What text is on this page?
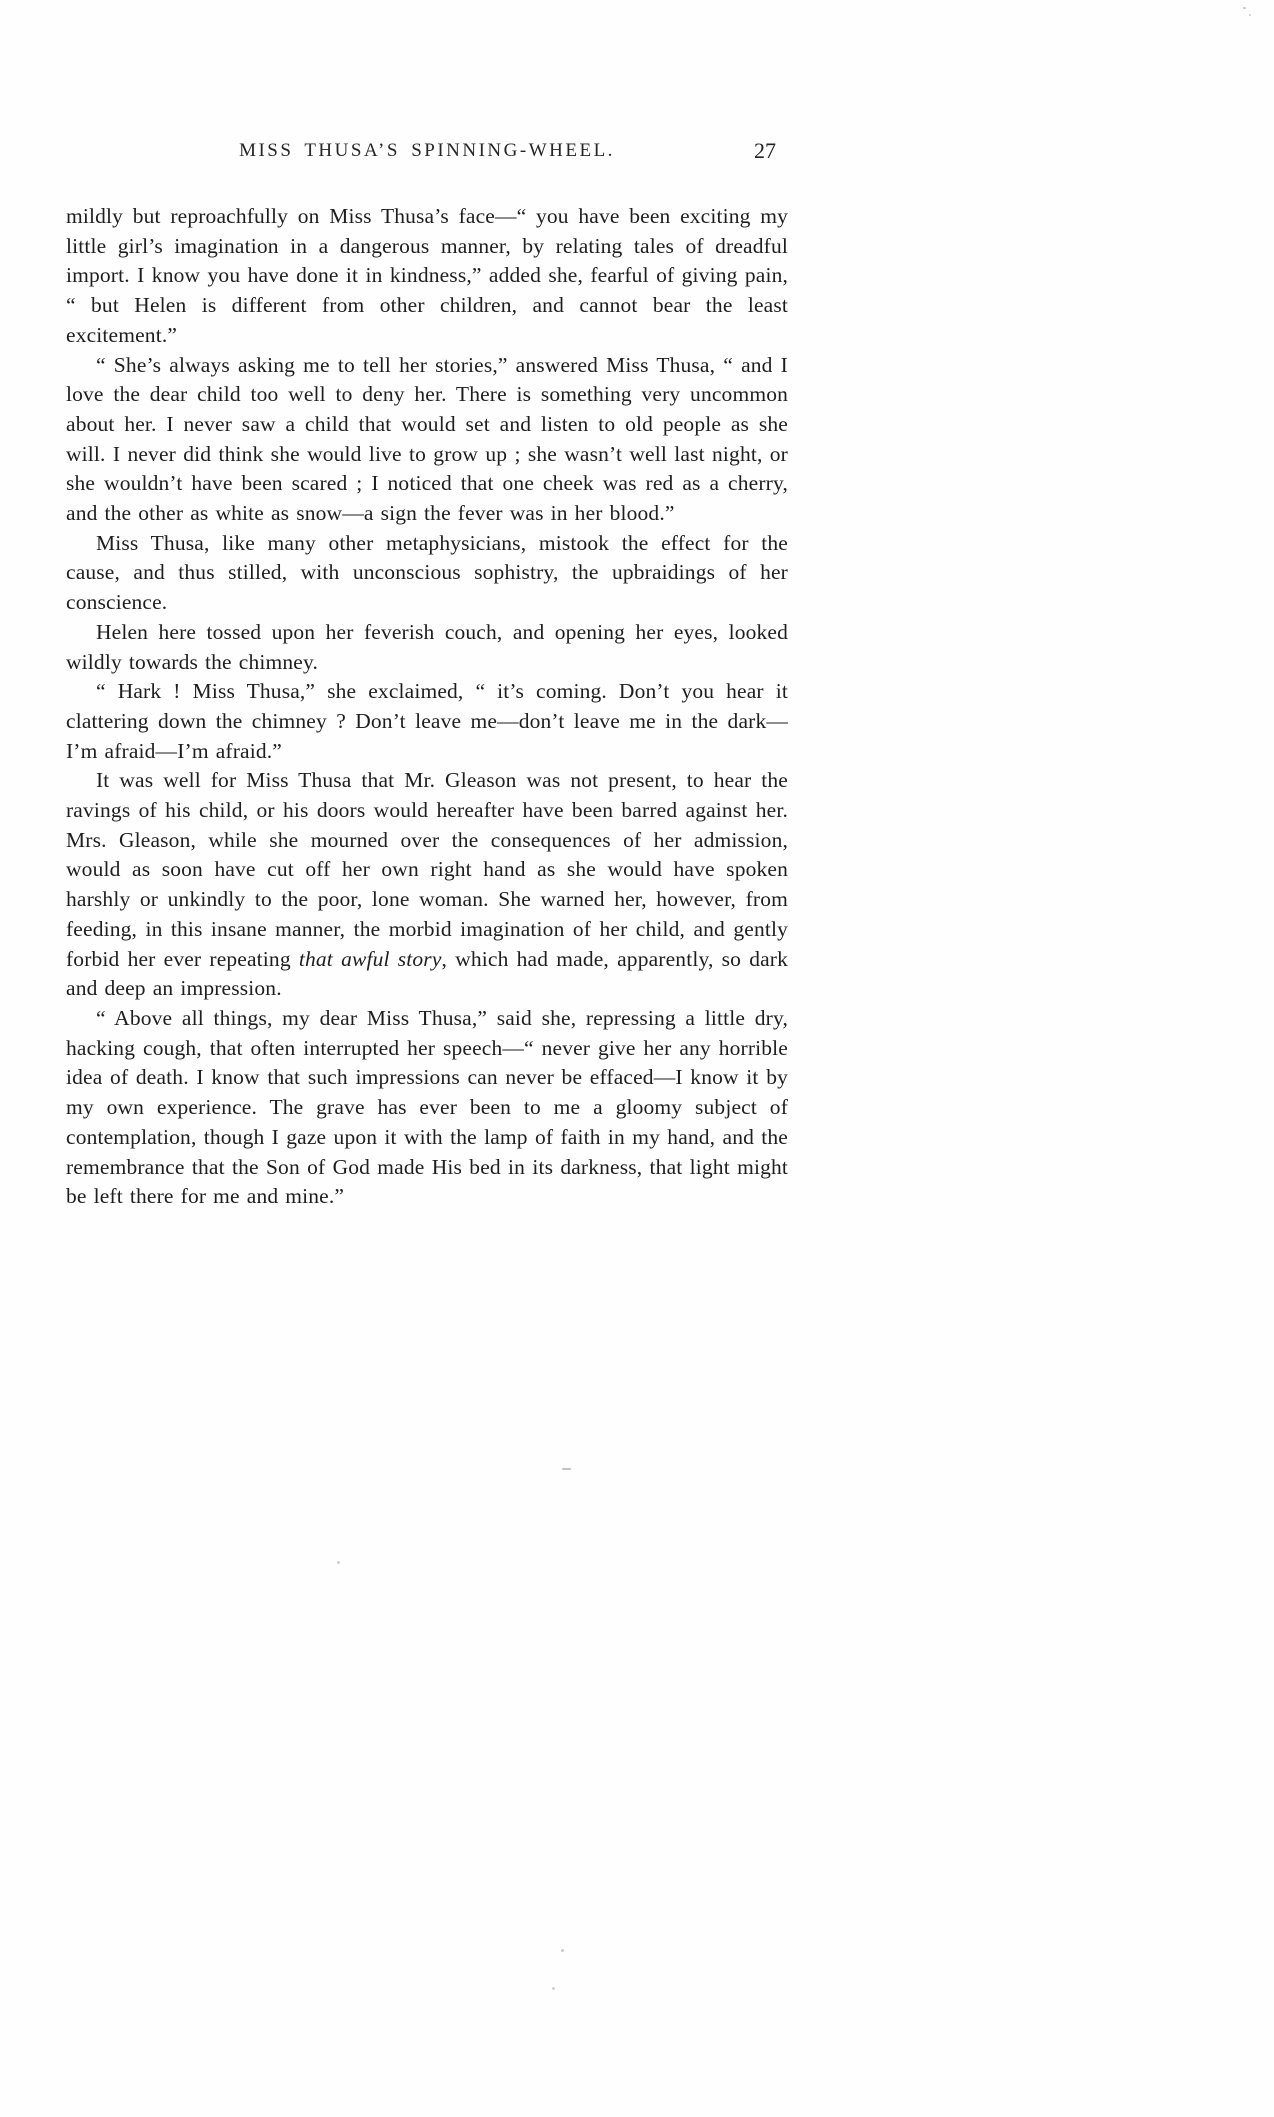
MISS THUSA’S SPINNING-WHEEL.	27

mildly but reproachfully on Miss Thusa’s face—“ you have been exciting my little girl’s imagination in a dangerous manner, by relating tales of dreadful import. I know you have done it in kindness,” added she, fearful of giving pain, “ but Helen is different from other children, and cannot bear the least excitement.”

“ She’s always asking me to tell her stories,” answered Miss Thusa, “ and I love the dear child too well to deny her. There is something very uncommon about her. I never saw a child that would set and listen to old people as she will. I never did think she would live to grow up ; she wasn’t well last night, or she wouldn’t have been scared ; I noticed that one cheek was red as a cherry, and the other as white as snow—a sign the fever was in her blood.”

Miss Thusa, like many other metaphysicians, mistook the effect for the cause, and thus stilled, with unconscious sophistry, the upbraidings of her conscience.

Helen here tossed upon her feverish couch, and opening her eyes, looked wildly towards the chimney.

“ Hark ! Miss Thusa,” she exclaimed, “ it’s coming. Don’t you hear it clattering down the chimney ? Don’t leave me—don’t leave me in the dark—I’m afraid—I’m afraid.”

It was well for Miss Thusa that Mr. Gleason was not present, to hear the ravings of his child, or his doors would hereafter have been barred against her. Mrs. Gleason, while she mourned over the consequences of her admission, would as soon have cut off her own right hand as she would have spoken harshly or unkindly to the poor, lone woman. She warned her, however, from feeding, in this insane manner, the morbid imagination of her child, and gently forbid her ever repeating that awful story, which had made, apparently, so dark and deep an impression.

“ Above all things, my dear Miss Thusa,” said she, repressing a little dry, hacking cough, that often interrupted her speech—“ never give her any horrible idea of death. I know that such impressions can never be effaced—I know it by my own experience. The grave has ever been to me a gloomy subject of contemplation, though I gaze upon it with the lamp of faith in my hand, and the remembrance that the Son of God made His bed in its darkness, that light might be left there for me and mine.”
